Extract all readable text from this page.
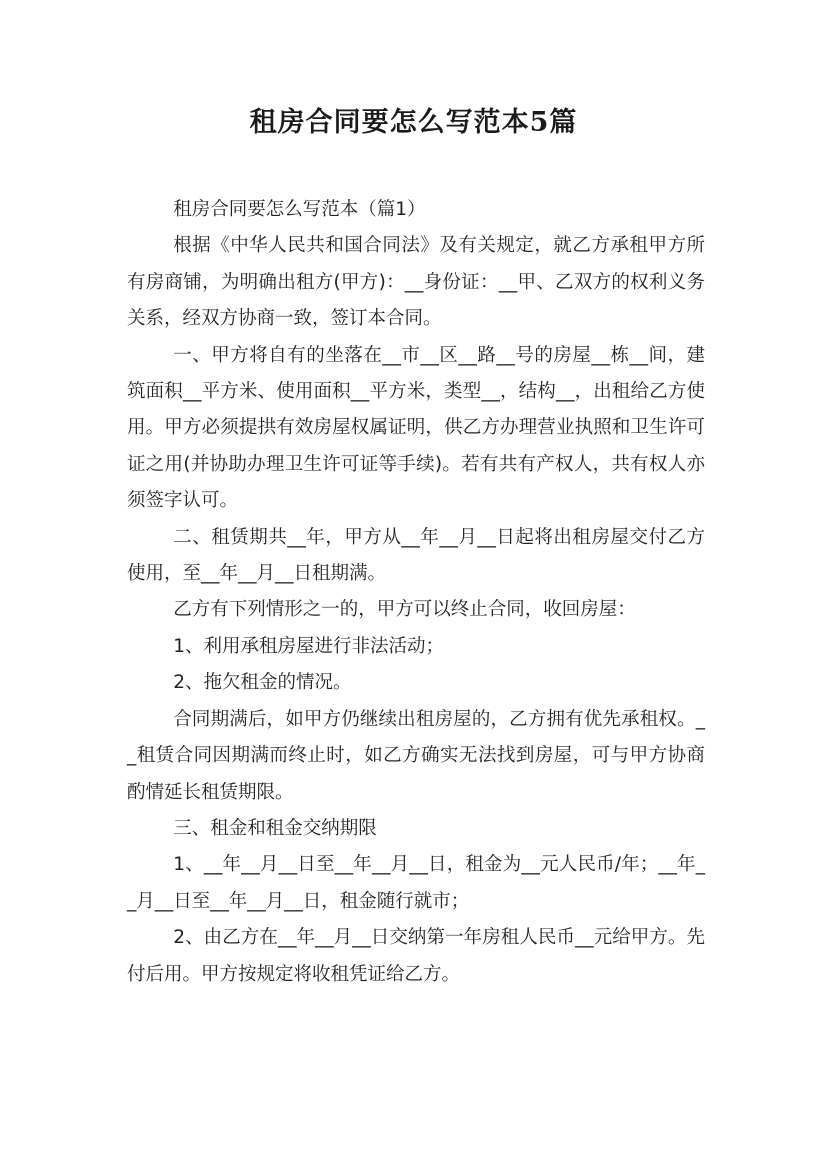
租房合同要怎么写范本5篇

租房合同要怎么写范本（篇1）

根据《中华人民共和国合同法》及有关规定，就乙方承租甲方所有房商铺，为明确出租方(甲方)：__身份证：__甲、乙双方的权利义务关系，经双方协商一致，签订本合同。

一、甲方将自有的坐落在__市__区__路__号的房屋__栋__间，建筑面积__平方米、使用面积__平方米，类型__，结构__，出租给乙方使用。甲方必须提拱有效房屋权属证明，供乙方办理营业执照和卫生许可证之用(并协助办理卫生许可证等手续)。若有共有产权人，共有权人亦须签字认可。

二、租赁期共__年，甲方从__年__月__日起将出租房屋交付乙方使用，至__年__月__日租期满。

乙方有下列情形之一的，甲方可以终止合同，收回房屋：

1、利用承租房屋进行非法活动；

2、拖欠租金的情况。

合同期满后，如甲方仍继续出租房屋的，乙方拥有优先承租权。__租赁合同因期满而终止时，如乙方确实无法找到房屋，可与甲方协商酌情延长租赁期限。

三、租金和租金交纳期限

1、__年__月__日至__年__月__日，租金为__元人民币/年；__年__月__日至__年__月__日，租金随行就市；

2、由乙方在__年__月__日交纳第一年房租人民币__元给甲方。先付后用。甲方按规定将收租凭证给乙方。
